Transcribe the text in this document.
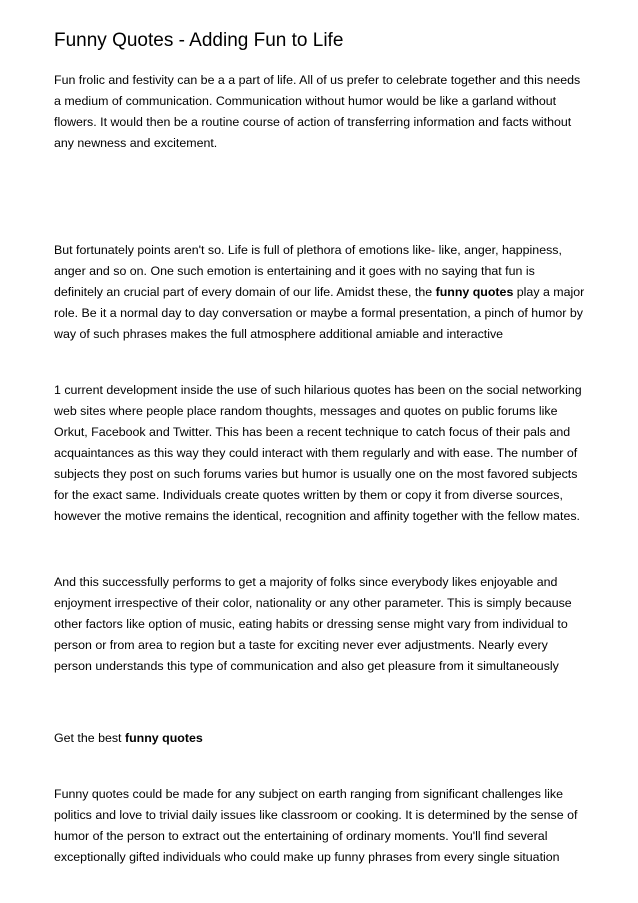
Funny Quotes - Adding Fun to Life

Fun frolic and festivity can be a a part of life. All of us prefer to celebrate together and this needs a medium of communication. Communication without humor would be like a garland without flowers. It would then be a routine course of action of transferring information and facts without any newness and excitement.

But fortunately points aren't so. Life is full of plethora of emotions like- like, anger, happiness, anger and so on. One such emotion is entertaining and it goes with no saying that fun is definitely an crucial part of every domain of our life. Amidst these, the funny quotes play a major role. Be it a normal day to day conversation or maybe a formal presentation, a pinch of humor by way of such phrases makes the full atmosphere additional amiable and interactive

1 current development inside the use of such hilarious quotes has been on the social networking web sites where people place random thoughts, messages and quotes on public forums like Orkut, Facebook and Twitter. This has been a recent technique to catch focus of their pals and acquaintances as this way they could interact with them regularly and with ease. The number of subjects they post on such forums varies but humor is usually one on the most favored subjects for the exact same. Individuals create quotes written by them or copy it from diverse sources, however the motive remains the identical, recognition and affinity together with the fellow mates.

And this successfully performs to get a majority of folks since everybody likes enjoyable and enjoyment irrespective of their color, nationality or any other parameter. This is simply because other factors like option of music, eating habits or dressing sense might vary from individual to person or from area to region but a taste for exciting never ever adjustments. Nearly every person understands this type of communication and also get pleasure from it simultaneously

Get the best funny quotes

Funny quotes could be made for any subject on earth ranging from significant challenges like politics and love to trivial daily issues like classroom or cooking. It is determined by the sense of humor of the person to extract out the entertaining of ordinary moments. You'll find several exceptionally gifted individuals who could make up funny phrases from every single situation
